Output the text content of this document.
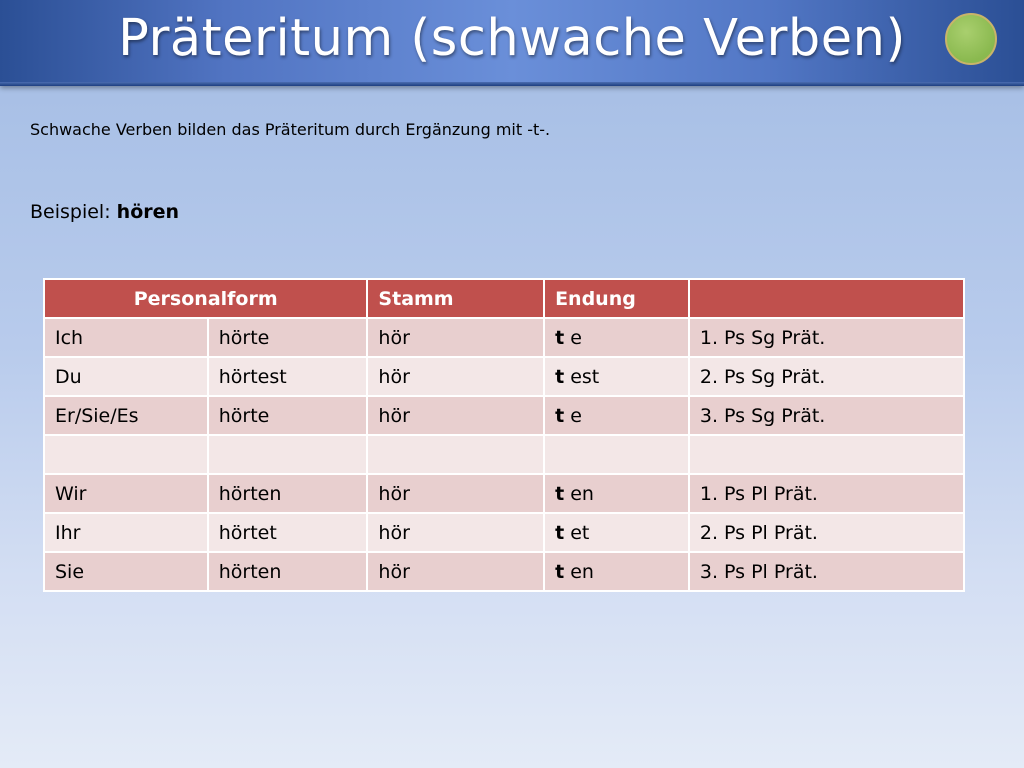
Präteritum (schwache Verben)
Schwache Verben bilden das Präteritum durch Ergänzung mit -t-.
Beispiel: hören
Personalform		Stamm	Endung	
Ich	hörte	hör	t e	1. Ps Sg Prät.
Du	hörtest	hör	t est	2. Ps Sg Prät.
Er/Sie/Es	hörte	hör	t e	3. Ps Sg Prät.

Wir	hörten	hör	t en	1. Ps Pl Prät.
Ihr	hörtet	hör	t et	2. Ps Pl Prät.
Sie	hörten	hör	t en	3. Ps Pl Prät.
